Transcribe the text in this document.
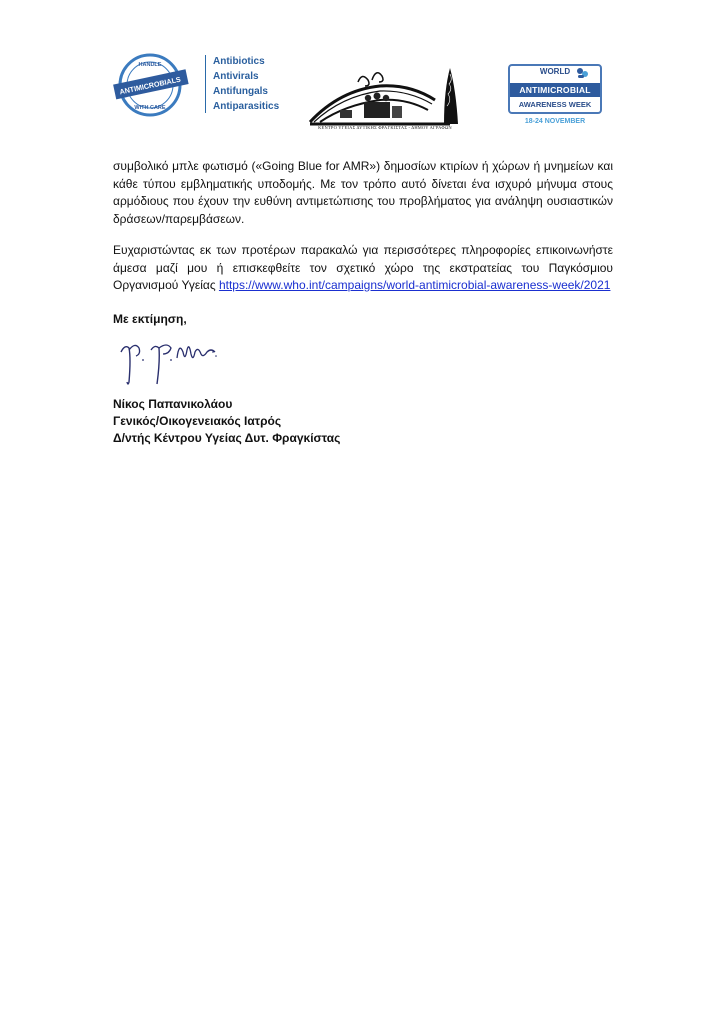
ANTIMICROBIALS
HANDLE
WITH CARE
Antibiotics
Antivirals
Antifungals
Antiparasitics
ΚΕΝΤΡΟ ΥΓΕΙΑΣ ΔΥΤΙΚΗΣ ΦΡΑΓΚΙΣΤΑΣ - ΔΗΜΟΥ ΑΓΡΑΦΩΝ
WORLD
ANTIMICROBIAL
AWARENESS WEEK
18-24 NOVEMBER

συμβολικό μπλε φωτισμό («Going Blue for AMR») δημοσίων κτιρίων ή χώρων ή μνημείων και κάθε τύπου εμβληματικής υποδομής. Με τον τρόπο αυτό δίνεται ένα ισχυρό μήνυμα στους αρμόδιους που έχουν την ευθύνη αντιμετώπισης του προβλήματος για ανάληψη ουσιαστικών δράσεων/παρεμβάσεων.

Ευχαριστώντας εκ των προτέρων παρακαλώ για περισσότερες πληροφορίες επικοινωνήστε άμεσα μαζί μου ή επισκεφθείτε τον σχετικό χώρο της εκστρατείας του Παγκόσμιου Οργανισμού Υγείας https://www.who.int/campaigns/world-antimicrobial-awareness-week/2021

Με εκτίμηση,
Νίκος Παπανικολάου
Γενικός/Οικογενειακός Ιατρός
Δ/ντής Κέντρου Υγείας Δυτ. Φραγκίστας
